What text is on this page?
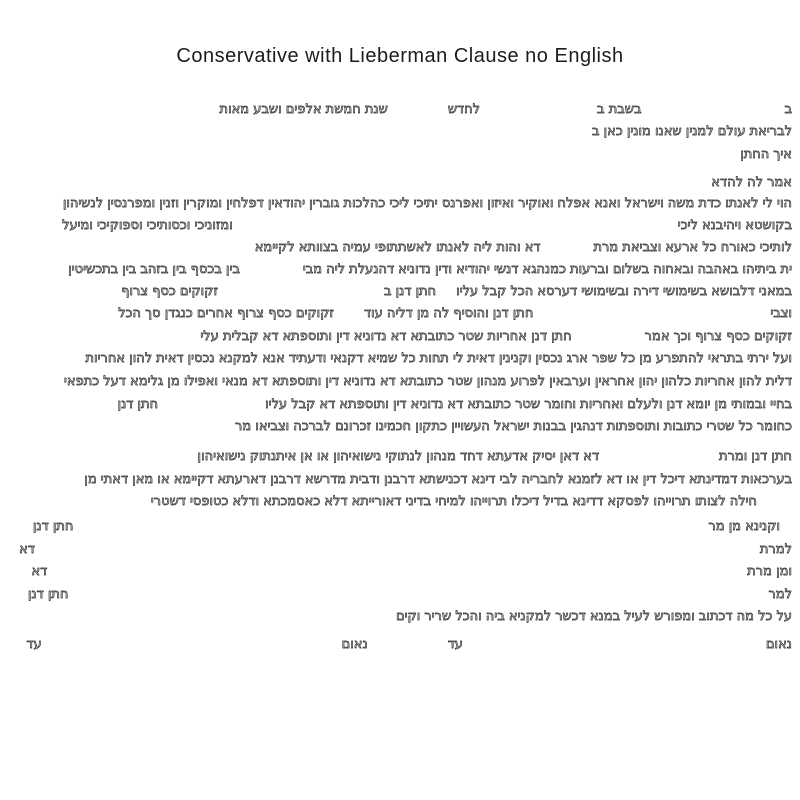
Conservative with Lieberman Clause no English
ב
בשבת ב
לחדש
שנת חמשת אלפים ושבע מאות
לבריאת עולם למנין שאנו מונין כאן ב
איך החתן
אמר לה להדא
הוי לי לאנתו כדת משה וישראל ואנא אפלח ואוקיר ואיזון ואפרנס יתיכי ליכי כהלכות גוברין יהודאין דפלחין ומוקרין וזנין ומפרנסין לנשיהון
בקושטא ויהיבנא ליכי
ומזוניכי וכסותיכי וספוקיכי ומיעל
לותיכי כאורח כל ארעא וצביאת מרת
דא והות ליה לאנתו לאשתתופי עמיה בצוותא לקיימא
ית ביתיהו באהבה ובאחוה בשלום וברעות כמנהגא דנשי יהודיא ודין נדוניא דהנעלת ליה מבי
בין בכסף בין בזהב בין בתכשיטין
במאני דלבושא בשימושי דירה ובשימושי דערסא הכל קבל עליו
חתן דנן ב
זקוקים כסף צרוף
וצבי
חתן דנן והוסיף לה מן דליה עוד
זקוקים כסף צרוף אחרים כנגדן סך הכל
זקוקים כסף צרוף וכך אמר
חתן דנן אחריות שטר כתובתא דא נדוניא דין ותוספתא דא קבלית עלי
ועל ירתי בתראי להתפרע מן כל שפר ארג נכסין וקנינין דאית לי תחות כל שמיא דקנאי ודעתיד אנא למקנא נכסין דאית להון אחריות
דלית להון אחריות כלהון יהון אחראין וערבאין לפרוע מנהון שטר כתובתא דא נדוניא דין ותוספתא דא מנאי ואפילו מן גלימא דעל כתפאי
בחיי ובמותי מן יומא דנן ולעלם ואחריות וחומר שטר כתובתא דא נדוניא דין ותוספתא דא קבל עליו
חתן דנן
כחומר כל שטרי כתובות ותוספתות דנהגין בבנות ישראל העשויין כתקון חכמינו זכרונם לברכה וצביאו מר
חתן דנן ומרת
דא דאן יסיק אדעתא דחד מנהון לנתוקי נישואיהון או אן איתנתוק נישואיהון
בערכאות דמדינתא דיכל דין או דא לזמנא לחבריה לבי דינא דכנישתא דרבנן ודבית מדרשא דרבנן דארעתא דקיימא או מאן דאתי מן
חילה לצותו תרוייהו לפסקא דדינא בדיל דיכלו תרוייהו למיחי בדיני דאורייתא דלא כאסמכתא ודלא כטופסי דשטרי
וקנינא מן מר
חתן דנן
למרת
דא
ומן מרת
דא
למר
חתן דנן
על כל מה דכתוב ומפורש לעיל במנא דכשר למקניא ביה והכל שריר וקים
נאום
עד
נאום
עד
